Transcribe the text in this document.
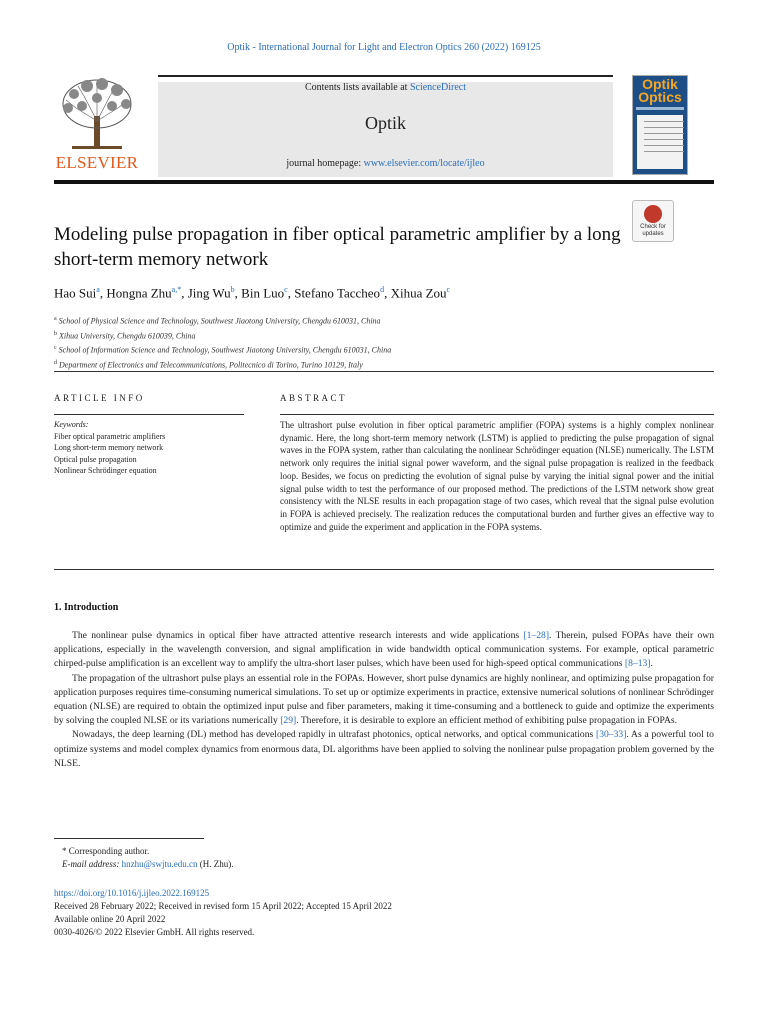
Optik - International Journal for Light and Electron Optics 260 (2022) 169125
ELSEVIER
Contents lists available at ScienceDirect
Optik
journal homepage: www.elsevier.com/locate/ijleo
Optik Optics
Modeling pulse propagation in fiber optical parametric amplifier by a long short-term memory network
Check for updates
Hao Sui$^a$, Hongna Zhu$^{a,*}$, Jing Wu$^b$, Bin Luo$^c$, Stefano Taccheo$^d$, Xihua Zou$^c$
$^a$ School of Physical Science and Technology, Southwest Jiaotong University, Chengdu 610031, China
$^b$ Xihua University, Chengdu 610039, China
$^c$ School of Information Science and Technology, Southwest Jiaotong University, Chengdu 610031, China
$^d$ Department of Electronics and Telecommunications, Politecnico di Torino, Turino 10129, Italy
ARTICLE INFO	ABSTRACT
Keywords:
Fiber optical parametric amplifiers
Long short-term memory network
Optical pulse propagation
Nonlinear Schrödinger equation
The ultrashort pulse evolution in fiber optical parametric amplifier (FOPA) systems is a highly complex nonlinear dynamic. Here, the long short-term memory network (LSTM) is applied to predicting the pulse propagation of signal waves in the FOPA system, rather than calculating the nonlinear Schrödinger equation (NLSE) numerically. The LSTM network only requires the initial signal power waveform, and the signal pulse propagation is realized in the feedback loop. Besides, we focus on predicting the evolution of signal pulse by varying the initial signal power and the initial signal pulse width to test the performance of our proposed method. The predictions of the LSTM network show great consistency with the NLSE results in each propagation stage of two cases, which reveal that the signal pulse evolution in FOPA is achieved precisely. The realization reduces the computational burden and further gives an effective way to optimize and guide the experiment and application in the FOPA systems.
1. Introduction

The nonlinear pulse dynamics in optical fiber have attracted attentive research interests and wide applications [1–28]. Therein, pulsed FOPAs have their own applications, especially in the wavelength conversion, and signal amplification in wide bandwidth optical communication systems. For example, optical parametric chirped-pulse amplification is an excellent way to amplify the ultra-short laser pulses, which have been used for high-speed optical communications [8–13].

The propagation of the ultrashort pulse plays an essential role in the FOPAs. However, short pulse dynamics are highly nonlinear, and optimizing pulse propagation for application purposes requires time-consuming numerical simulations. To set up or optimize experiments in practice, extensive numerical solutions of nonlinear Schrödinger equation (NLSE) are required to obtain the optimized input pulse and fiber parameters, making it time-consuming and a bottleneck to guide and optimize the experiments by solving the coupled NLSE or its variations numerically [29]. Therefore, it is desirable to explore an efficient method of exhibiting pulse propagation in FOPAs.

Nowadays, the deep learning (DL) method has developed rapidly in ultrafast photonics, optical networks, and optical communications [30–33]. As a powerful tool to optimize systems and model complex dynamics from enormous data, DL algorithms have been applied to solving the nonlinear pulse propagation problem governed by the NLSE.

* Corresponding author.
E-mail address: hnzhu@swjtu.edu.cn (H. Zhu).
https://doi.org/10.1016/j.ijleo.2022.169125
Received 28 February 2022; Received in revised form 15 April 2022; Accepted 15 April 2022
Available online 20 April 2022
0030-4026/© 2022 Elsevier GmbH. All rights reserved.
